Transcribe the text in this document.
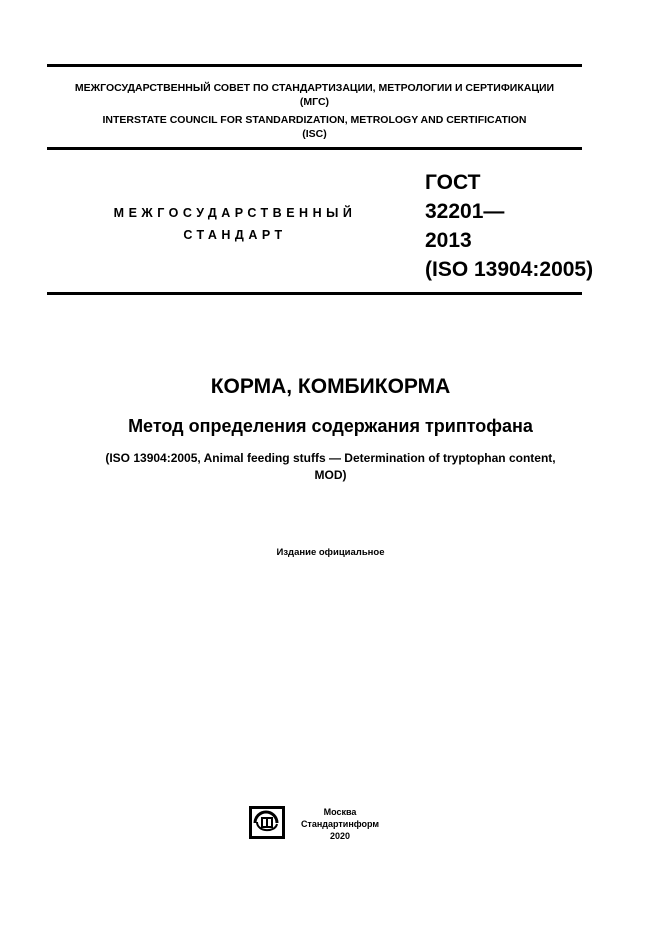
МЕЖГОСУДАРСТВЕННЫЙ СОВЕТ ПО СТАНДАРТИЗАЦИИ, МЕТРОЛОГИИ И СЕРТИФИКАЦИИ
(МГС)
INTERSTATE COUNCIL FOR STANDARDIZATION, METROLOGY AND CERTIFICATION
(ISC)
МЕЖГОСУДАРСТВЕННЫЙ
СТАНДАРТ
ГОСТ
32201—
2013
(ISO 13904:2005)
КОРМА, КОМБИКОРМА
Метод определения содержания триптофана
(ISO 13904:2005, Animal feeding stuffs — Determination of tryptophan content,
MOD)
Издание официальное
Москва
Стандартинформ
2020
